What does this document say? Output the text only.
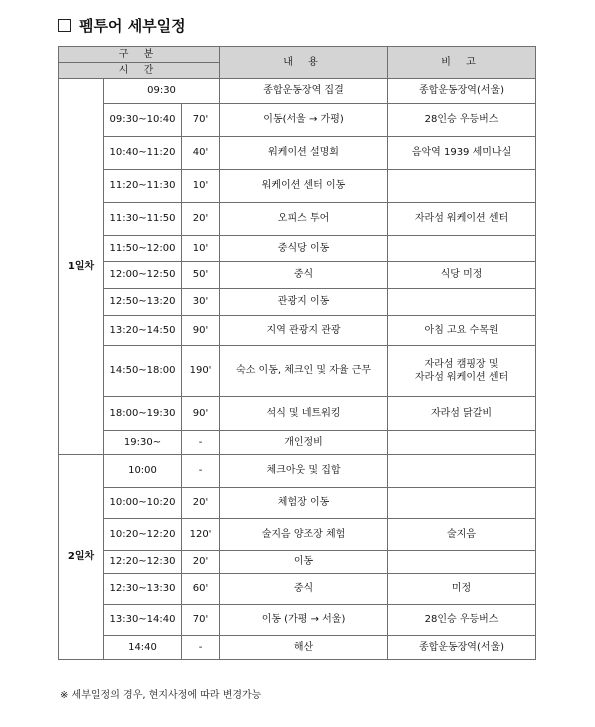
펨투어 세부일정
구 분			내 용	비 고
시 간				
1일차	09:30		종합운동장역 집결	종합운동장역(서울)
	09:30~10:40	70'	이동(서울 → 가평)	28인승 우등버스
	10:40~11:20	40'	워케이션 설명회	음악역 1939 세미나실
	11:20~11:30	10'	워케이션 센터 이동	
	11:30~11:50	20'	오피스 투어	자라섬 워케이션 센터
	11:50~12:00	10'	중식당 이동	
	12:00~12:50	50'	중식	식당 미정
	12:50~13:20	30'	관광지 이동	
	13:20~14:50	90'	지역 관광지 관광	아침 고요 수목원
	14:50~18:00	190'	숙소 이동, 체크인 및 자율 근무	자라섬 캠핑장 및
자라섬 워케이션 센터

	18:00~19:30	90'	석식 및 네트워킹	자라섬 닭갈비
	19:30~	-	개인정비	
2일차	10:00	-	체크아웃 및 집합	
	10:00~10:20	20'	체험장 이동	
	10:20~12:20	120'	술지음 양조장 체험	술지음
	12:20~12:30	20'	이동	
	12:30~13:30	60'	중식	미정
	13:30~14:40	70'	이동 (가평 → 서울)	28인승 우등버스
	14:40	-	해산	종합운동장역(서울)
※ 세부일정의 경우, 현지사정에 따라 변경가능
